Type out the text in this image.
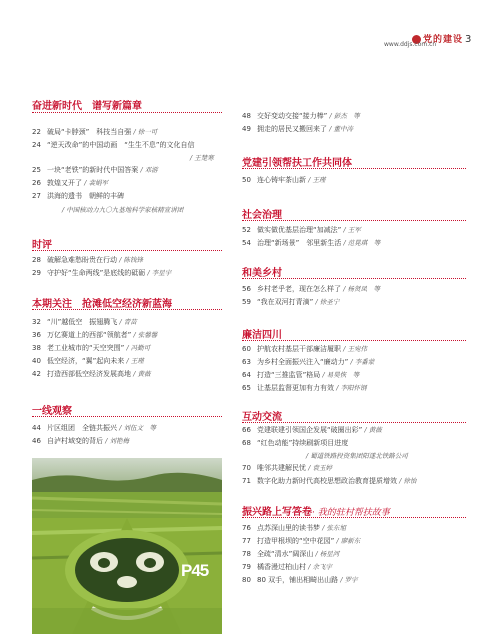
党的建设
www.ddjs.com.cn	3
奋进新时代　谱写新篇章
22 破局“卡脖颈”　科技当自强 / 徐一可
24 “逆天改命”的中国动画　“生生不息”的文化自信
/ 王楚寒
25 一块“老铁”的新时代中国答案 / 邓游
26 敦煌又开了 / 裴娟军
27 洪海的遗书　朝鲜的丰碑
/ 中国核动力九〇九基地科学家核精宣讲团
时评
28 破解急难愁盼贵在行动 / 陈钱锋
29 守护好“生命两线”是底线的砥砺 / 李星宇
本期关注　抢滩低空经济新蓝海
32 “川”越低空　振翅腾飞 / 青苗
36 万亿赛道上的西部“领航者” / 张馨馨
38 老工业城市的“天空突围” / 冯勤可
40 低空经济，“翼”起向未来 / 王瑾
42 打造西部低空经济发展高地 / 黄薇
一线观察
44 片区组团　全链共振兴 / 刘伍文　等
46 自泸村域变的背后 / 刘艳梅
P45
48 交好变动交接“接力棒” / 彭杰　等
49 拥走的居民又搬回来了 / 董中涛
党建引领帮扶工作共同体
50 连心铸牢茶山新 / 王瑾
社会治理
52 做实做优基层治理“加减法” / 王军
54 治理“新场景”　邻里新生活 / 范晃琪　等
和美乡村
56 乡村老乎老，现在怎么样了 / 杨贤凤　等
59 “我在双河打青滴” / 徐圣宁
廉洁四川
60 护航农村基层干部廉洁履职 / 王宛伟
63 为乡村全面振兴注入“廉动力” / 李番蒙
64 打造“三推监管”格局 / 易昊恢　等
65 让基层监督更加有力有效 / 李阳怀钢
互动交流
66 党建联建引领国企发展“破圈出彩” / 黄薇
68 “红色动能”持续刷新项目进度
/ 蜀道铁路投资集团阳遂北铁路公司
70 唯邻共建解民忧 / 袁玉婷
71 数字化助力新时代高校思想政治教育提质增效 / 徐怡
振兴路上写答卷· 我的驻村帮扶故事
76 点苏深山里的读书梦 / 张东旭
77 打造甲根坝的“空中花园” / 廖新东
78 全疏“清水”阔深山 / 杨星河
79 橘香漫过柏山村 / 余飞宇
80 80 双手，铺出相畸出山路 / 罗宇
